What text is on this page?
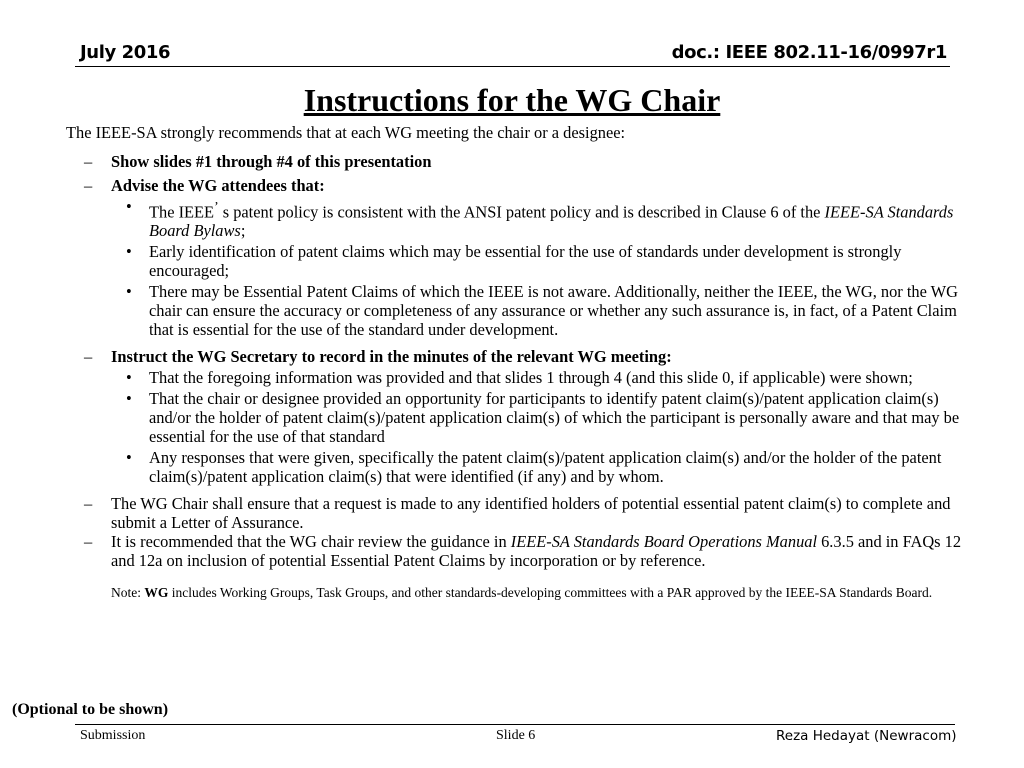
July 2016	doc.: IEEE 802.11-16/0997r1
Instructions for the WG Chair
The IEEE-SA strongly recommends that at each WG meeting the chair or a designee:
– Show slides #1 through #4 of this presentation
– Advise the WG attendees that:
• The IEEE’ s patent policy is consistent with the ANSI patent policy and is described in Clause 6 of the IEEE-SA Standards Board Bylaws;
• Early identification of patent claims which may be essential for the use of standards under development is strongly encouraged;
• There may be Essential Patent Claims of which the IEEE is not aware. Additionally, neither the IEEE, the WG, nor the WG chair can ensure the accuracy or completeness of any assurance or whether any such assurance is, in fact, of a Patent Claim that is essential for the use of the standard under development.
– Instruct the WG Secretary to record in the minutes of the relevant WG meeting:
• That the foregoing information was provided and that slides 1 through 4 (and this slide 0, if applicable) were shown;
• That the chair or designee provided an opportunity for participants to identify patent claim(s)/patent application claim(s) and/or the holder of patent claim(s)/patent application claim(s) of which the participant is personally aware and that may be essential for the use of that standard
• Any responses that were given, specifically the patent claim(s)/patent application claim(s) and/or the holder of the patent claim(s)/patent application claim(s) that were identified (if any) and by whom.
– The WG Chair shall ensure that a request is made to any identified holders of potential essential patent claim(s) to complete and submit a Letter of Assurance.
– It is recommended that the WG chair review the guidance in IEEE-SA Standards Board Operations Manual 6.3.5 and in FAQs 12 and 12a on inclusion of potential Essential Patent Claims by incorporation or by reference.
Note: WG includes Working Groups, Task Groups, and other standards-developing committees with a PAR approved by the IEEE-SA Standards Board.
(Optional to be shown)
Submission	Slide 6	Reza Hedayat (Newracom)
